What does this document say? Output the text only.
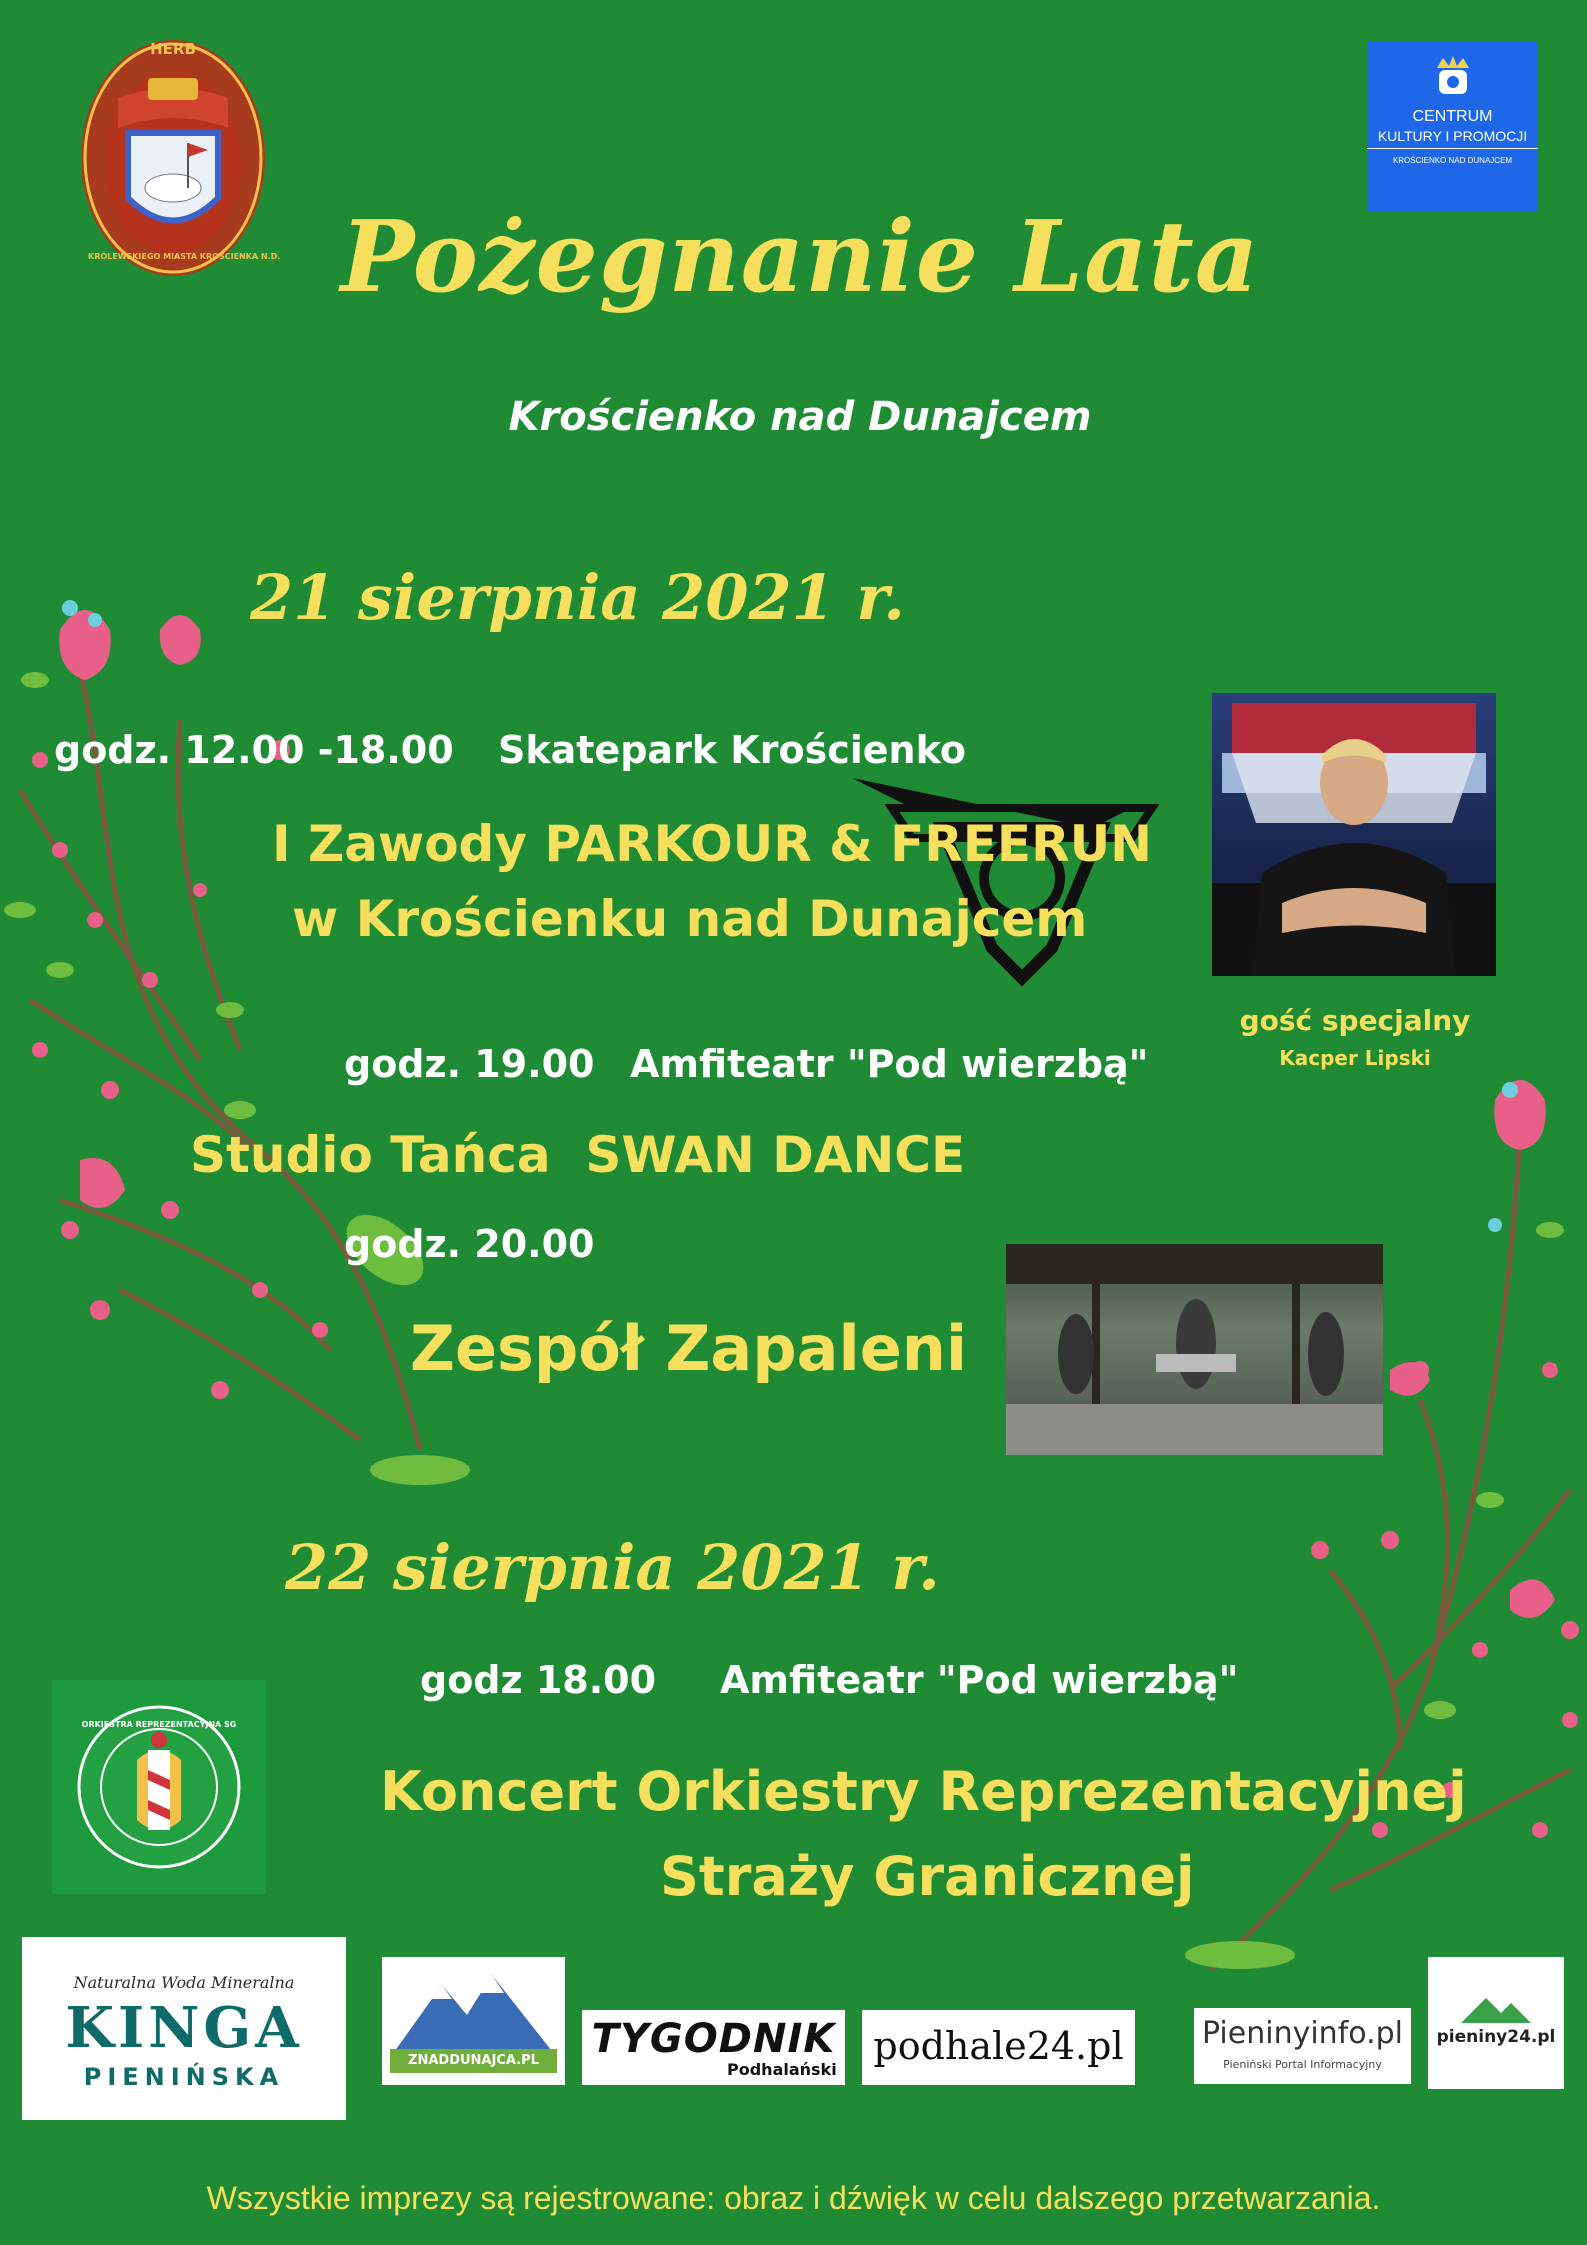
HERB
KRÓLEWSKIEGO MIASTA KROŚCIENKA N.D.
CENTRUM
KULTURY I PROMOCJI
KROŚCIENKO NAD DUNAJCEM
Pożegnanie Lata
Krościenko nad Dunajcem
21 sierpnia 2021 r.
godz. 12.00 -18.00 Skatepark Krościenko
I Zawody PARKOUR & FREERUN
w Krościenku nad Dunajcem
gość specjalny
Kacper Lipski
godz. 19.00 Amfiteatr "Pod wierzbą"
Studio Tańca  SWAN DANCE
godz. 20.00
Zespół Zapaleni
22 sierpnia 2021 r.
godz 18.00 Amfiteatr "Pod wierzbą"
ORKIESTRA REPREZENTACYJNA SG
Koncert Orkiestry Reprezentacyjnej
Straży Granicznej
Naturalna Woda Mineralna
KINGA
PIENIŃSKA
ZNADDUNAJCA.PL	TYGODNIK
Podhalański
podhale24.pl	Pieninyinfo.pl
Pieniński Portal Informacyjny
pieniny24.pl
Wszystkie imprezy są rejestrowane: obraz i dźwięk w celu dalszego przetwarzania.
